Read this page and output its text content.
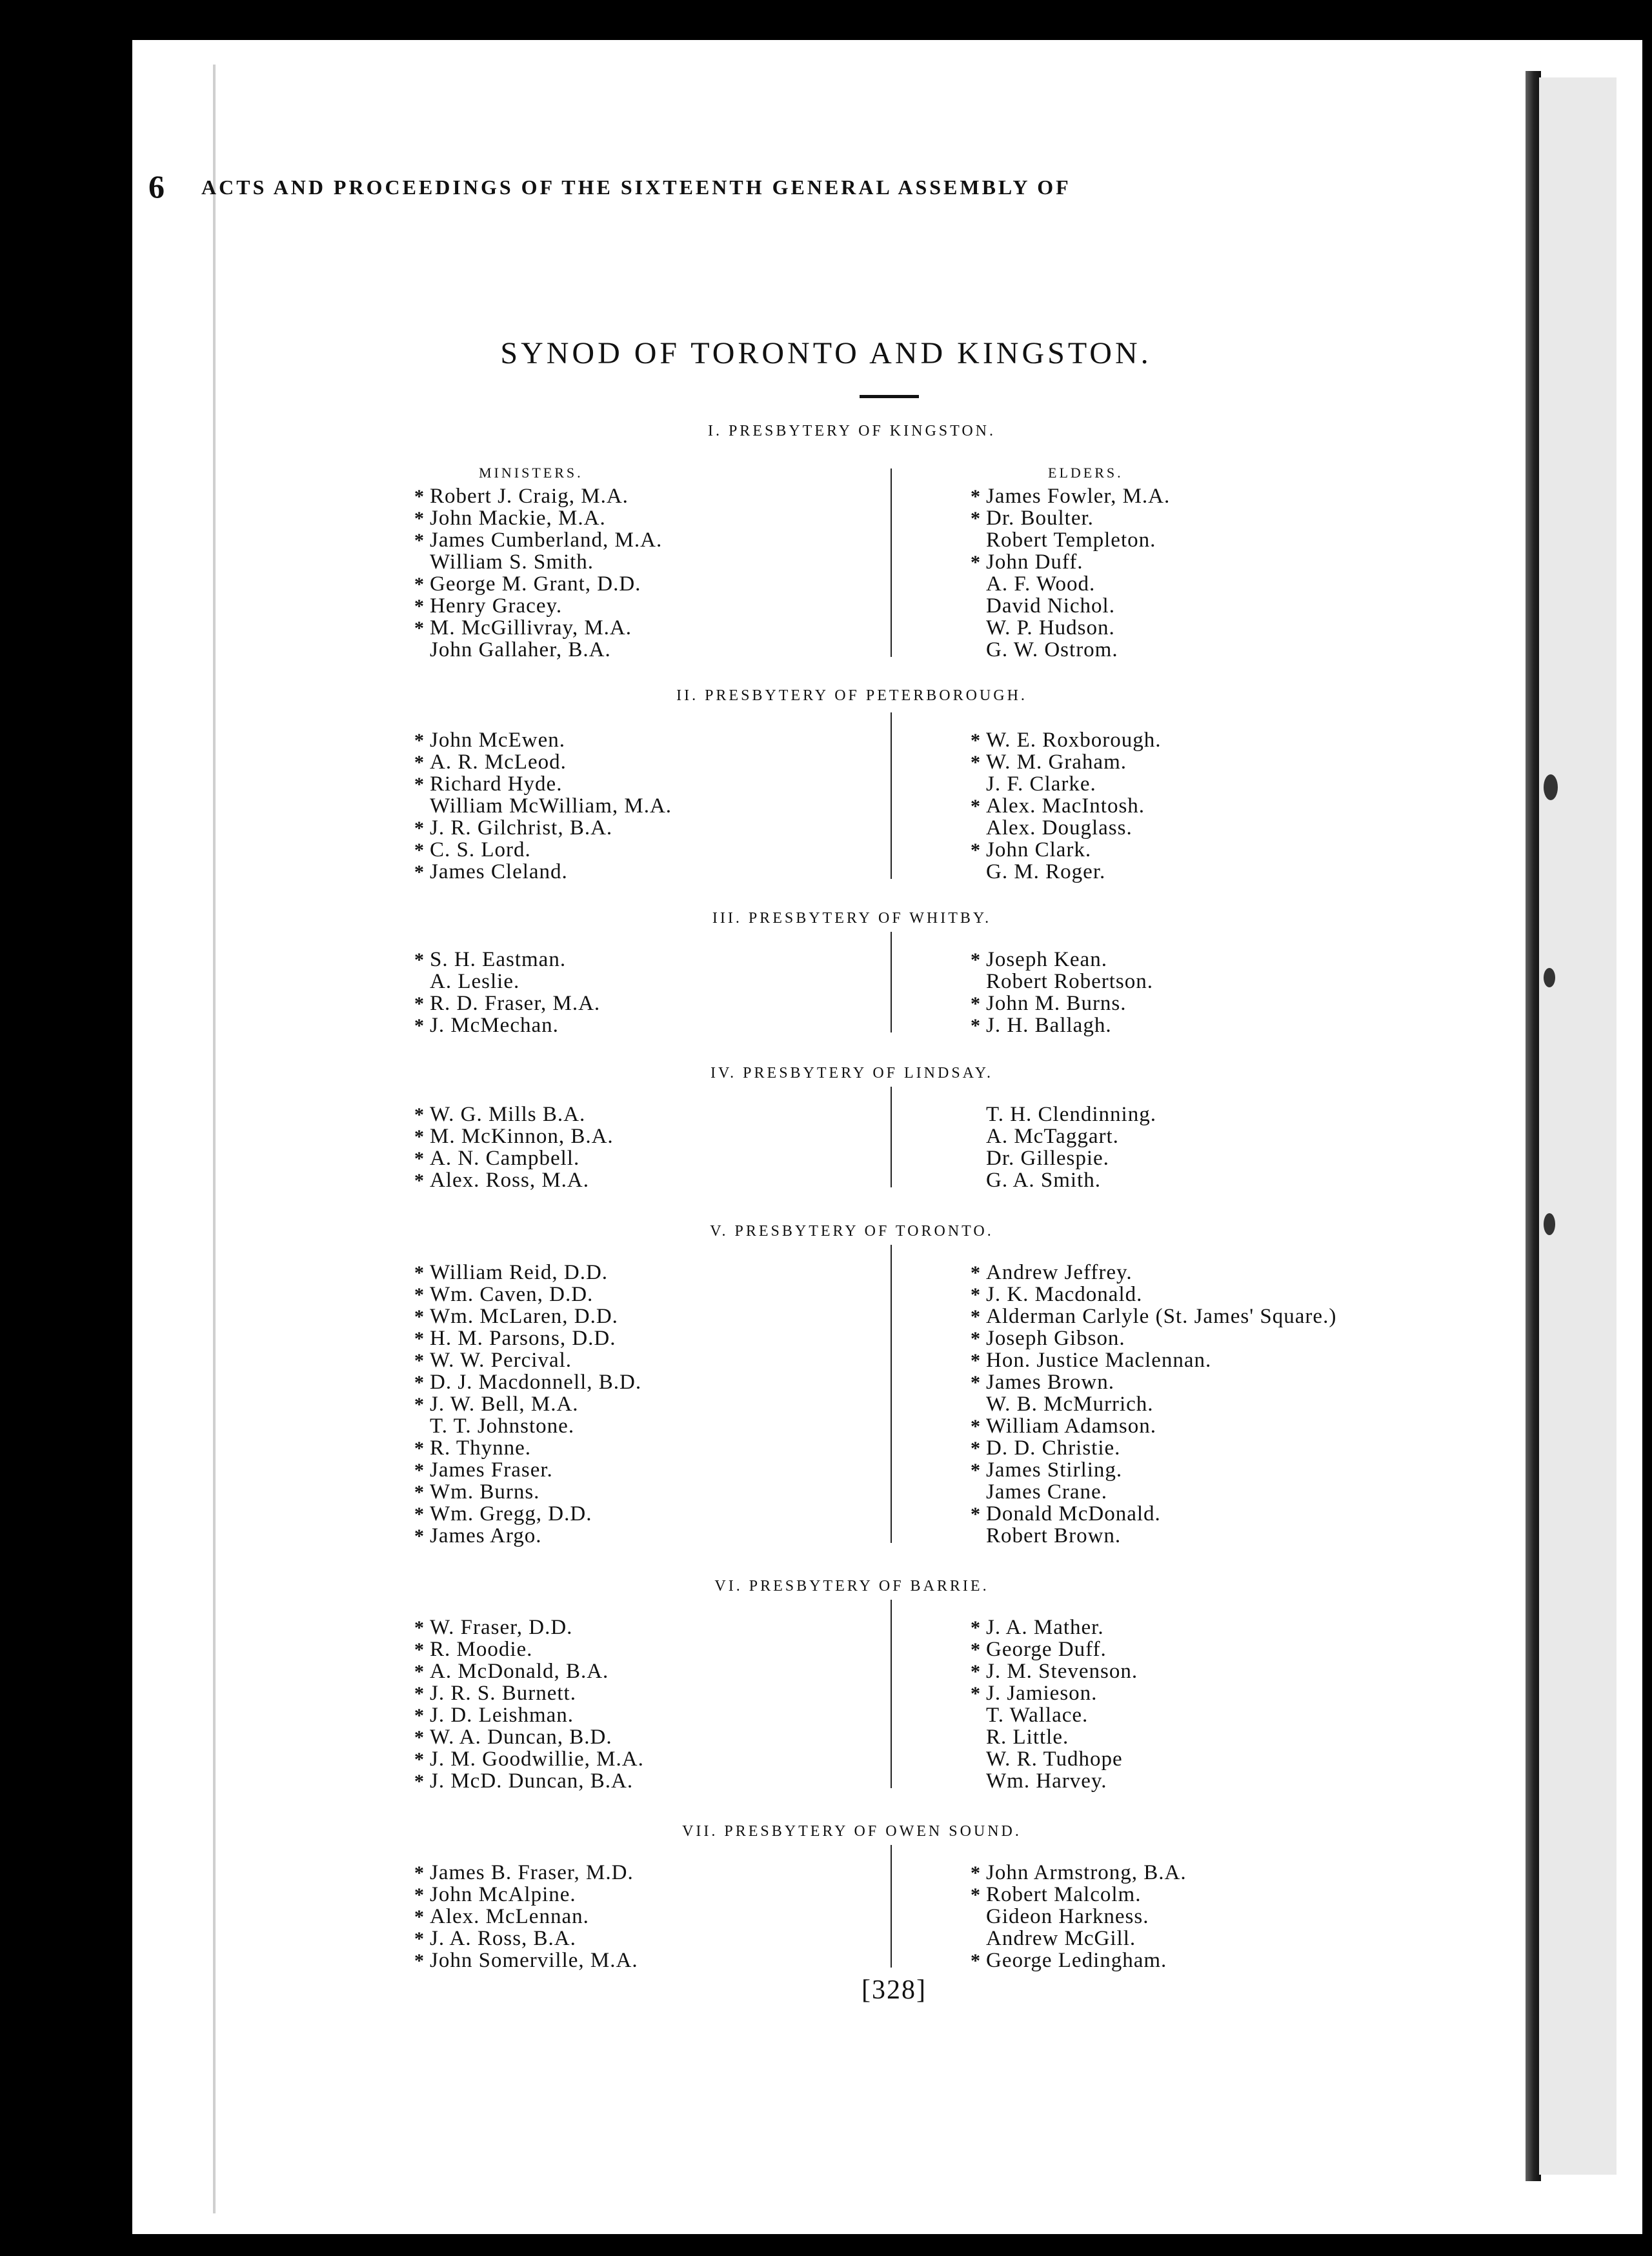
6 ACTS AND PROCEEDINGS OF THE SIXTEENTH GENERAL ASSEMBLY OF
SYNOD OF TORONTO AND KINGSTON.
I. PRESBYTERY OF KINGSTON.
MINISTERS.	ELDERS.
* Robert J. Craig, M.A.
* John Mackie, M.A.
* James Cumberland, M.A.
William S. Smith.
* George M. Grant, D.D.
* Henry Gracey.
* M. McGillivray, M.A.
John Gallaher, B.A.
* James Fowler, M.A.
* Dr. Boulter.
Robert Templeton.
* John Duff.
A. F. Wood.
David Nichol.
W. P. Hudson.
G. W. Ostrom.
II. PRESBYTERY OF PETERBOROUGH.
* John McEwen.
* A. R. McLeod.
* Richard Hyde.
William McWilliam, M.A.
* J. R. Gilchrist, B.A.
* C. S. Lord.
* James Cleland.
* W. E. Roxborough.
* W. M. Graham.
J. F. Clarke.
* Alex. MacIntosh.
Alex. Douglass.
* John Clark.
G. M. Roger.
III. PRESBYTERY OF WHITBY.
* S. H. Eastman.
A. Leslie.
* R. D. Fraser, M.A.
* J. McMechan.
* Joseph Kean.
Robert Robertson.
* John M. Burns.
* J. H. Ballagh.
IV. PRESBYTERY OF LINDSAY.
* W. G. Mills B.A.
* M. McKinnon, B.A.
* A. N. Campbell.
* Alex. Ross, M.A.
T. H. Clendinning.
A. McTaggart.
Dr. Gillespie.
G. A. Smith.
V. PRESBYTERY OF TORONTO.
* William Reid, D.D.
* Wm. Caven, D.D.
* Wm. McLaren, D.D.
* H. M. Parsons, D.D.
* W. W. Percival.
* D. J. Macdonnell, B.D.
* J. W. Bell, M.A.
T. T. Johnstone.
* R. Thynne.
* James Fraser.
* Wm. Burns.
* Wm. Gregg, D.D.
* James Argo.
* Andrew Jeffrey.
* J. K. Macdonald.
* Alderman Carlyle (St. James' Square.)
* Joseph Gibson.
* Hon. Justice Maclennan.
* James Brown.
W. B. McMurrich.
* William Adamson.
* D. D. Christie.
* James Stirling.
James Crane.
* Donald McDonald.
Robert Brown.
VI. PRESBYTERY OF BARRIE.
* W. Fraser, D.D.
* R. Moodie.
* A. McDonald, B.A.
* J. R. S. Burnett.
* J. D. Leishman.
* W. A. Duncan, B.D.
* J. M. Goodwillie, M.A.
* J. McD. Duncan, B.A.
* J. A. Mather.
* George Duff.
* J. M. Stevenson.
* J. Jamieson.
T. Wallace.
R. Little.
W. R. Tudhope
Wm. Harvey.
VII. PRESBYTERY OF OWEN SOUND.
* James B. Fraser, M.D.
* John McAlpine.
* Alex. McLennan.
* J. A. Ross, B.A.
* John Somerville, M.A.
* John Armstrong, B.A.
* Robert Malcolm.
Gideon Harkness.
Andrew McGill.
* George Ledingham.
[328]
